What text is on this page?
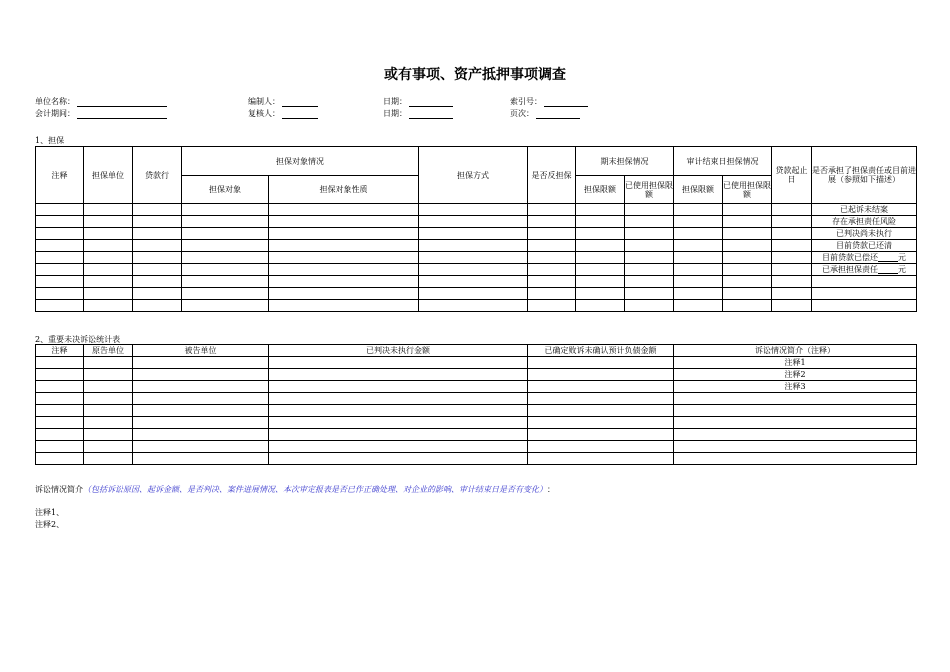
或有事项、资产抵押事项调查
单位名称：	编制人：	日期：	索引号：
会计期间：	复核人：	日期：	页次：
1、担保
注释	担保单位	贷款行	担保对象情况		担保方式	是否反担保	期末担保情况		审计结束日担保情况		贷款起止日	是否承担了担保责任或目前进展（参照如下描述）
			担保对象	担保对象性质			担保限额	已使用担保限额	担保限额	已使用担保限额		
												已起诉未结案
												存在承担责任风险
												已判决尚未执行
												目前贷款已还清
												目前贷款已偿还 元
												已承担担保责任 元

2、重要未决诉讼统计表
注释	原告单位	被告单位	已判决未执行金额	已确定败诉未确认预计负债金额	诉讼情况简介（注释）
					注释1
					注释2
					注释3

诉讼情况简介（包括诉讼原因、起诉金额、是否判决、案件进展情况、本次审定报表是否已作正确处理、对企业的影响、审计结束日是否有变化）：
注释1、
注释2、
